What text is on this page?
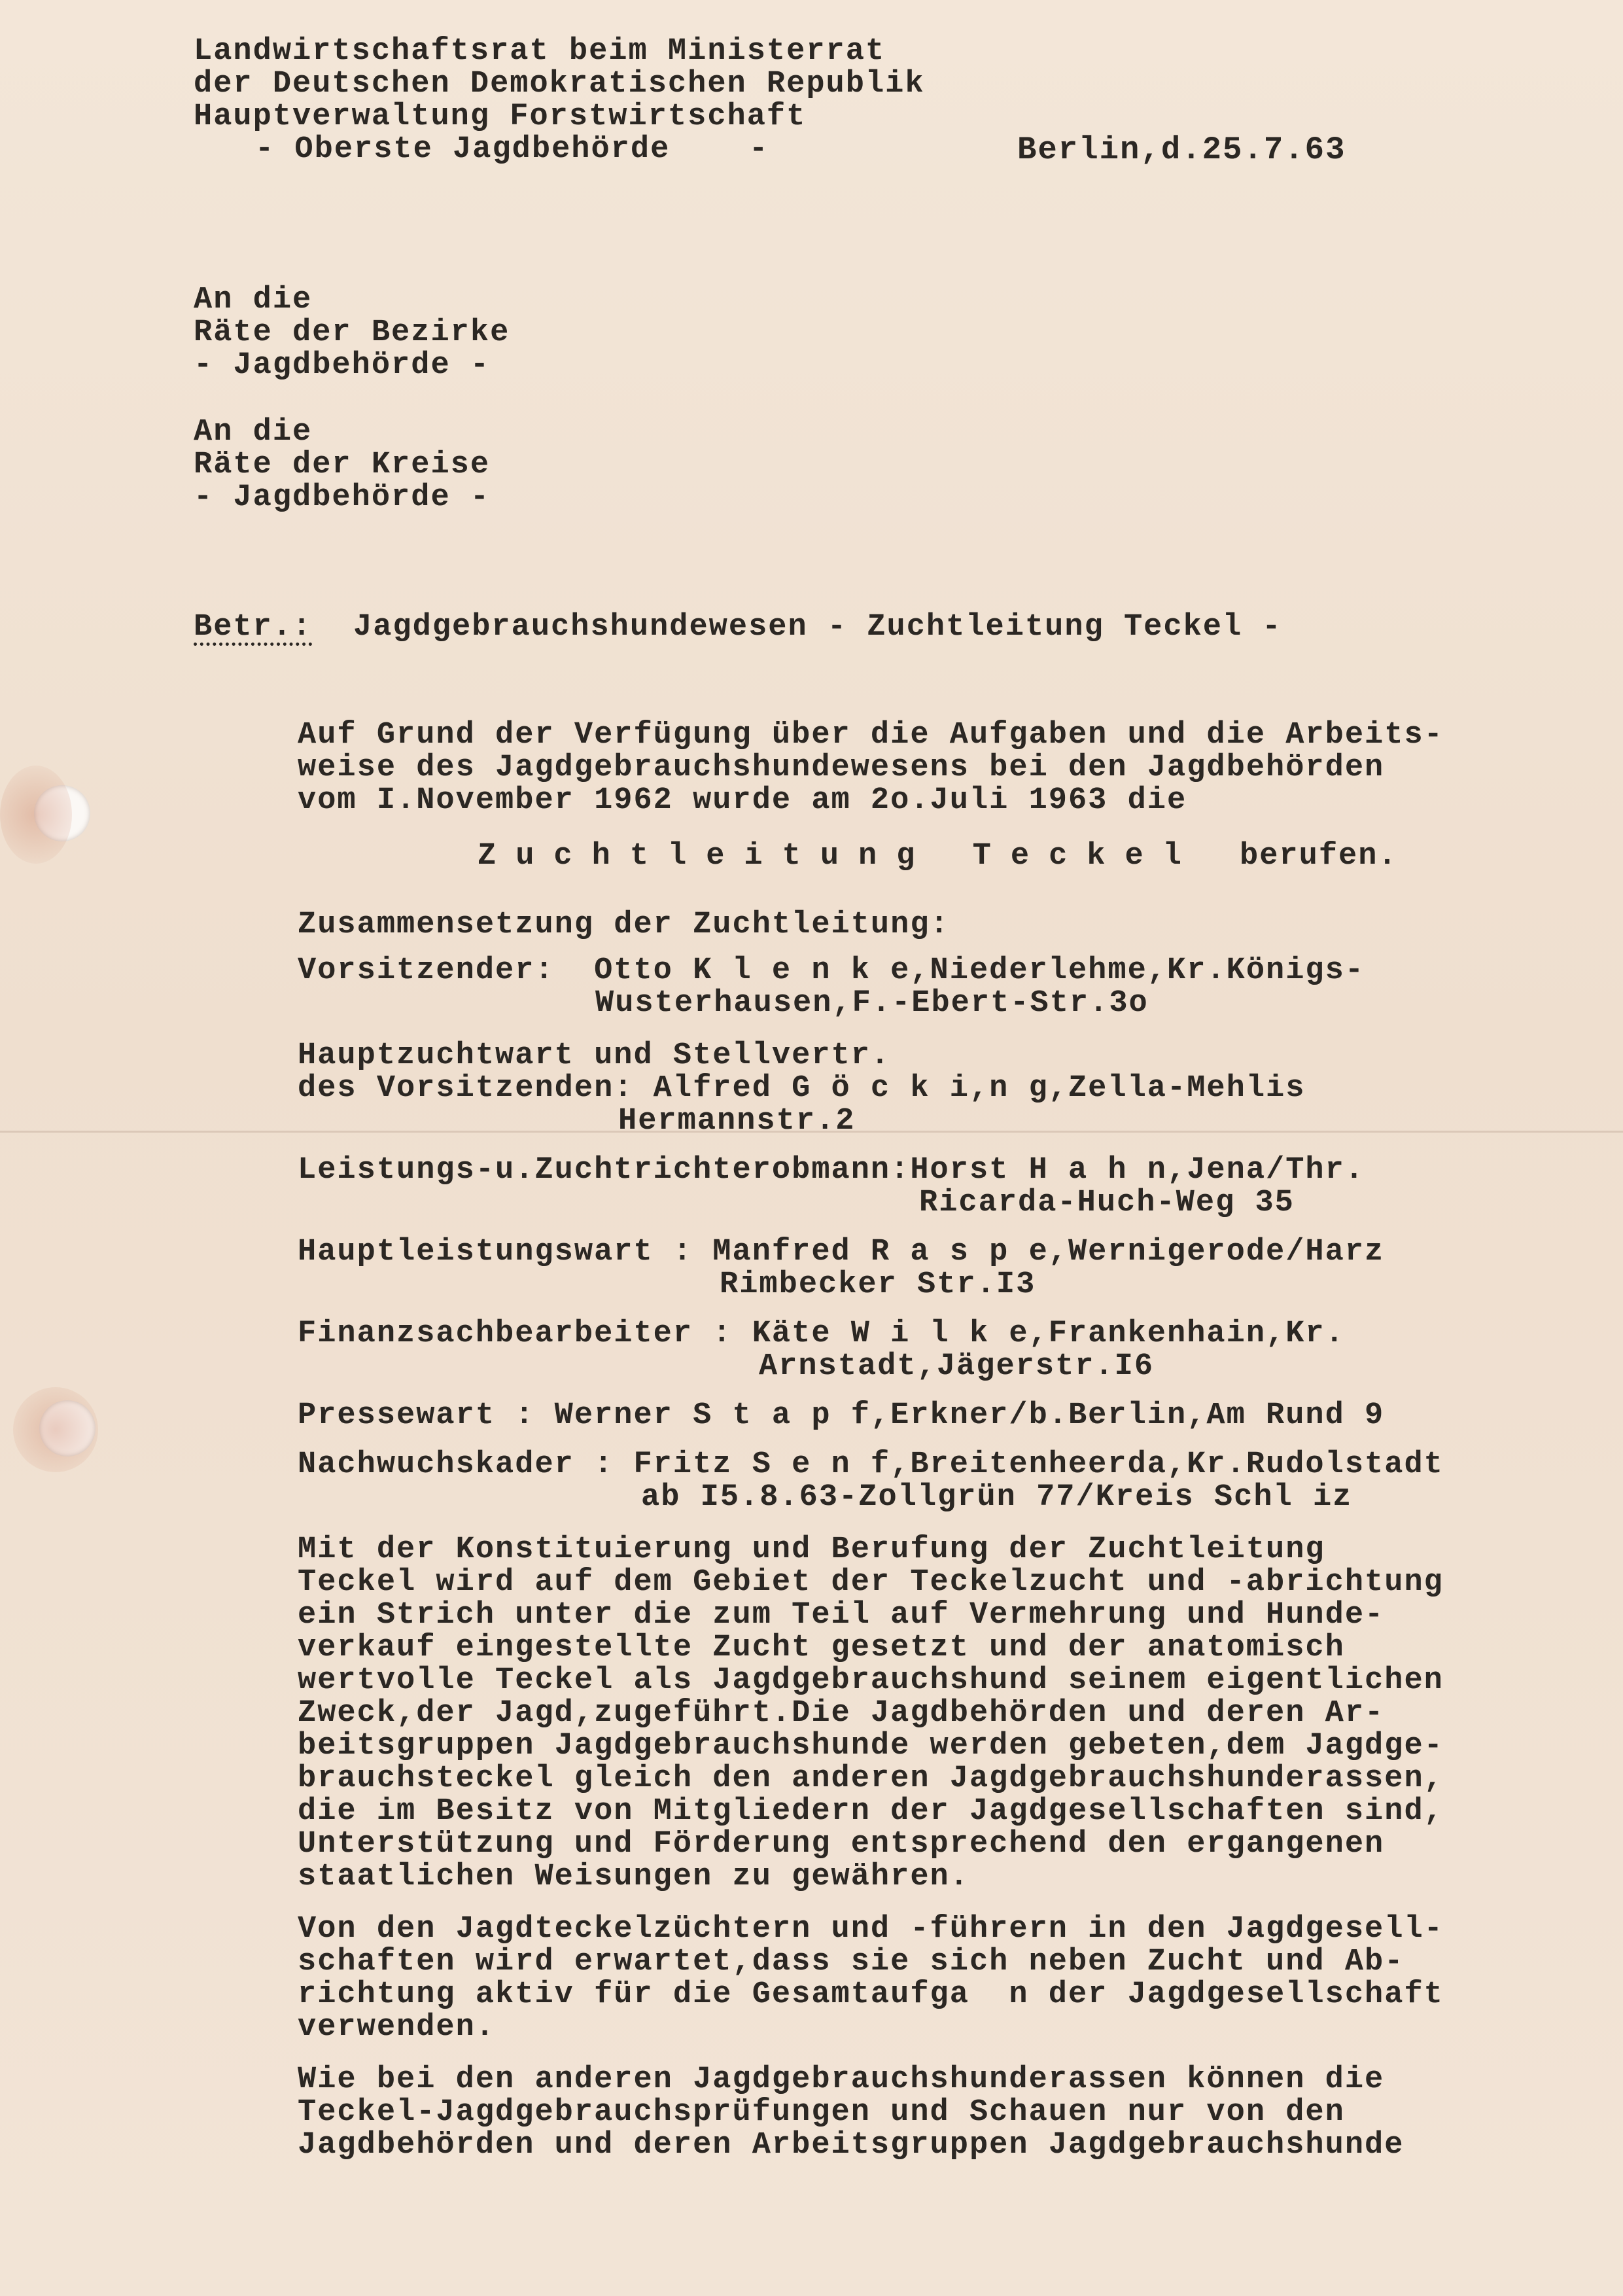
Landwirtschaftsrat beim Ministerrat
der Deutschen Demokratischen Republik
Hauptverwaltung Forstwirtschaft
- Oberste Jagdbehörde    -	Berlin,d.25.7.63
An die
Räte der Bezirke
- Jagdbehörde -
An die
Räte der Kreise
- Jagdbehörde -
Betr.: Jagdgebrauchshundewesen - Zuchtleitung Teckel -
Auf Grund der Verfügung über die Aufgaben und die Arbeits-
weise des Jagdgebrauchshundewesens bei den Jagdbehörden
vom I.November 1962 wurde am 2o.Juli 1963 die
Zuchtleitung Teckel berufen.
Zusammensetzung der Zuchtleitung:
Vorsitzender:  Otto K l e n k e,Niederlehme,Kr.Königs-
Wusterhausen,F.-Ebert-Str.3o
Hauptzuchtwart und Stellvertr.
des Vorsitzenden: Alfred G ö c k i,n g,Zella-Mehlis
Hermannstr.2
Leistungs-u.Zuchtrichterobmann:Horst H a h n,Jena/Thr.
Ricarda-Huch-Weg 35
Hauptleistungswart : Manfred R a s p e,Wernigerode/Harz
Rimbecker Str.I3
Finanzsachbearbeiter : Käte W i l k e,Frankenhain,Kr.
Arnstadt,Jägerstr.I6
Pressewart : Werner S t a p f,Erkner/b.Berlin,Am Rund 9
Nachwuchskader : Fritz S e n f,Breitenheerda,Kr.Rudolstadt
ab I5.8.63-Zollgrün 77/Kreis Schl iz
Mit der Konstituierung und Berufung der Zuchtleitung
Teckel wird auf dem Gebiet der Teckelzucht und -abrichtung
ein Strich unter die zum Teil auf Vermehrung und Hunde-
verkauf eingestellte Zucht gesetzt und der anatomisch
wertvolle Teckel als Jagdgebrauchshund seinem eigentlichen
Zweck,der Jagd,zugeführt.Die Jagdbehörden und deren Ar-
beitsgruppen Jagdgebrauchshunde werden gebeten,dem Jagdge-
brauchsteckel gleich den anderen Jagdgebrauchshunderassen,
die im Besitz von Mitgliedern der Jagdgesellschaften sind,
Unterstützung und Förderung entsprechend den ergangenen
staatlichen Weisungen zu gewähren.
Von den Jagdteckelzüchtern und -führern in den Jagdgesell-
schaften wird erwartet,dass sie sich neben Zucht und Ab-
richtung aktiv für die Gesamtaufga  n der Jagdgesellschaft
verwenden.
Wie bei den anderen Jagdgebrauchshunderassen können die
Teckel-Jagdgebrauchsprüfungen und Schauen nur von den
Jagdbehörden und deren Arbeitsgruppen Jagdgebrauchshunde
